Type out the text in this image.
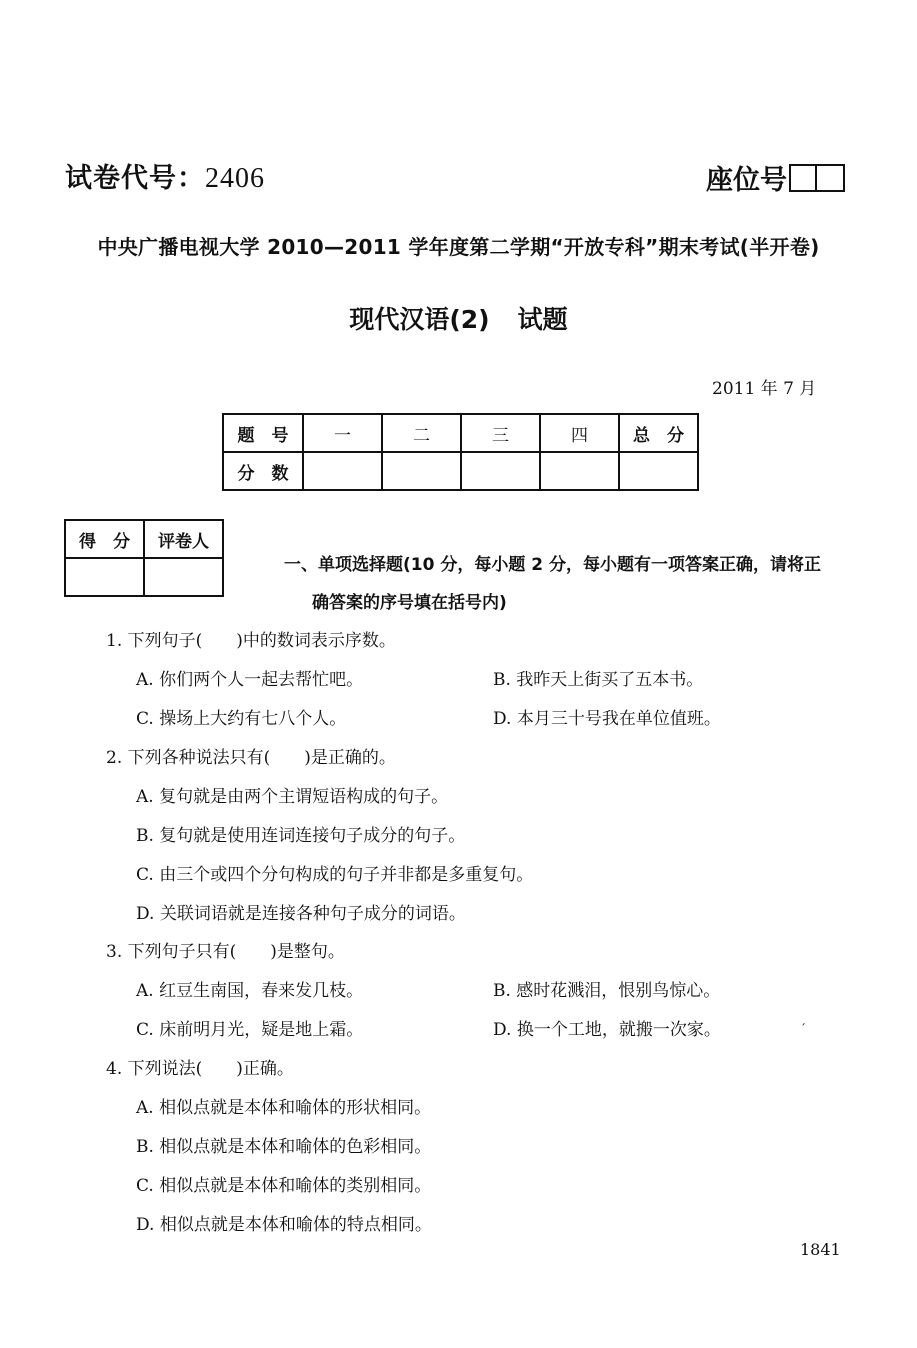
试卷代号：2406	座位号
中央广播电视大学 2010—2011 学年度第二学期“开放专科”期末考试(半开卷)
现代汉语(2) 试题
2011 年 7 月
题　号	一	二	三	四	总　分
分　数					
得　分	评卷人

一、单项选择题(10 分，每小题 2 分，每小题有一项答案正确，请将正
确答案的序号填在括号内)
1. 下列句子(　　)中的数词表示序数。
A. 你们两个人一起去帮忙吧。	B. 我昨天上街买了五本书。
C. 操场上大约有七八个人。	D. 本月三十号我在单位值班。
2. 下列各种说法只有(　　)是正确的。
A. 复句就是由两个主谓短语构成的句子。
B. 复句就是使用连词连接句子成分的句子。
C. 由三个或四个分句构成的句子并非都是多重复句。
D. 关联词语就是连接各种句子成分的词语。
3. 下列句子只有(　　)是整句。
A. 红豆生南国，春来发几枝。	B. 感时花溅泪，恨别鸟惊心。
C. 床前明月光，疑是地上霜。	D. 换一个工地，就搬一次家。
4. 下列说法(　　)正确。
A. 相似点就是本体和喻体的形状相同。
B. 相似点就是本体和喻体的色彩相同。
C. 相似点就是本体和喻体的类别相同。
D. 相似点就是本体和喻体的特点相同。
ˊ
1841
